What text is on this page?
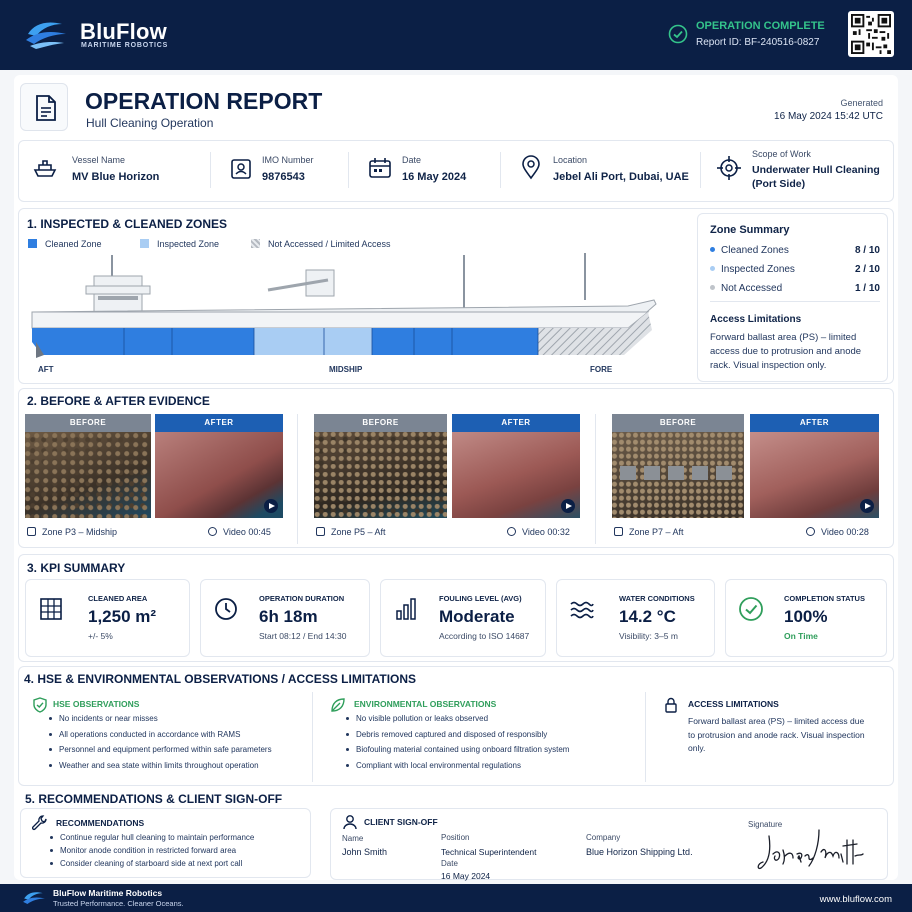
BluFlow
MARITIME ROBOTICS
OPERATION COMPLETE
Report ID: BF-240516-0827
OPERATION REPORT
Hull Cleaning Operation
Generated
16 May 2024 15:42 UTC
Vessel Name
MV Blue Horizon
IMO Number
9876543
Date
16 May 2024
Location
Jebel Ali Port, Dubai, UAE
Scope of Work
Underwater Hull Cleaning
(Port Side)
1. INSPECTED & CLEANED ZONES
Cleaned Zone	Inspected Zone	Not Accessed / Limited Access
AFT	MIDSHIP	FORE
Zone Summary
Cleaned Zones	8 / 10
Inspected Zones	2 / 10
Not Accessed	1 / 10
Access Limitations
Forward ballast area (PS) – limited access due to protrusion and anode rack. Visual inspection only.
2. BEFORE & AFTER EVIDENCE
BEFORE	AFTER
Zone P3 – Midship	Video 00:45
BEFORE	AFTER
Zone P5 – Aft	Video 00:32
BEFORE	AFTER
Zone P7 – Aft	Video 00:28
3. KPI SUMMARY
CLEANED AREA
1,250 m²
+/- 5%
OPERATION DURATION
6h 18m
Start 08:12 / End 14:30
FOULING LEVEL (AVG)
Moderate
According to ISO 14687
WATER CONDITIONS
14.2 °C
Visibility: 3–5 m
COMPLETION STATUS
100%
On Time
4. HSE & ENVIRONMENTAL OBSERVATIONS / ACCESS LIMITATIONS
HSE OBSERVATIONS
No incidents or near misses
All operations conducted in accordance with RAMS
Personnel and equipment performed within safe parameters
Weather and sea state within limits throughout operation
ENVIRONMENTAL OBSERVATIONS
No visible pollution or leaks observed
Debris removed captured and disposed of responsibly
Biofouling material contained using onboard filtration system
Compliant with local environmental regulations
ACCESS LIMITATIONS
Forward ballast area (PS) – limited access due to protrusion and anode rack. Visual inspection only.
5. RECOMMENDATIONS & CLIENT SIGN-OFF
RECOMMENDATIONS
Continue regular hull cleaning to maintain performance
Monitor anode condition in restricted forward area
Consider cleaning of starboard side at next port call
CLIENT SIGN-OFF
Name
John Smith
Position
Technical Superintendent
Date
16 May 2024
Company
Blue Horizon Shipping Ltd.
Signature
BluFlow Maritime Robotics
Trusted Performance. Cleaner Oceans.	www.bluflow.com
